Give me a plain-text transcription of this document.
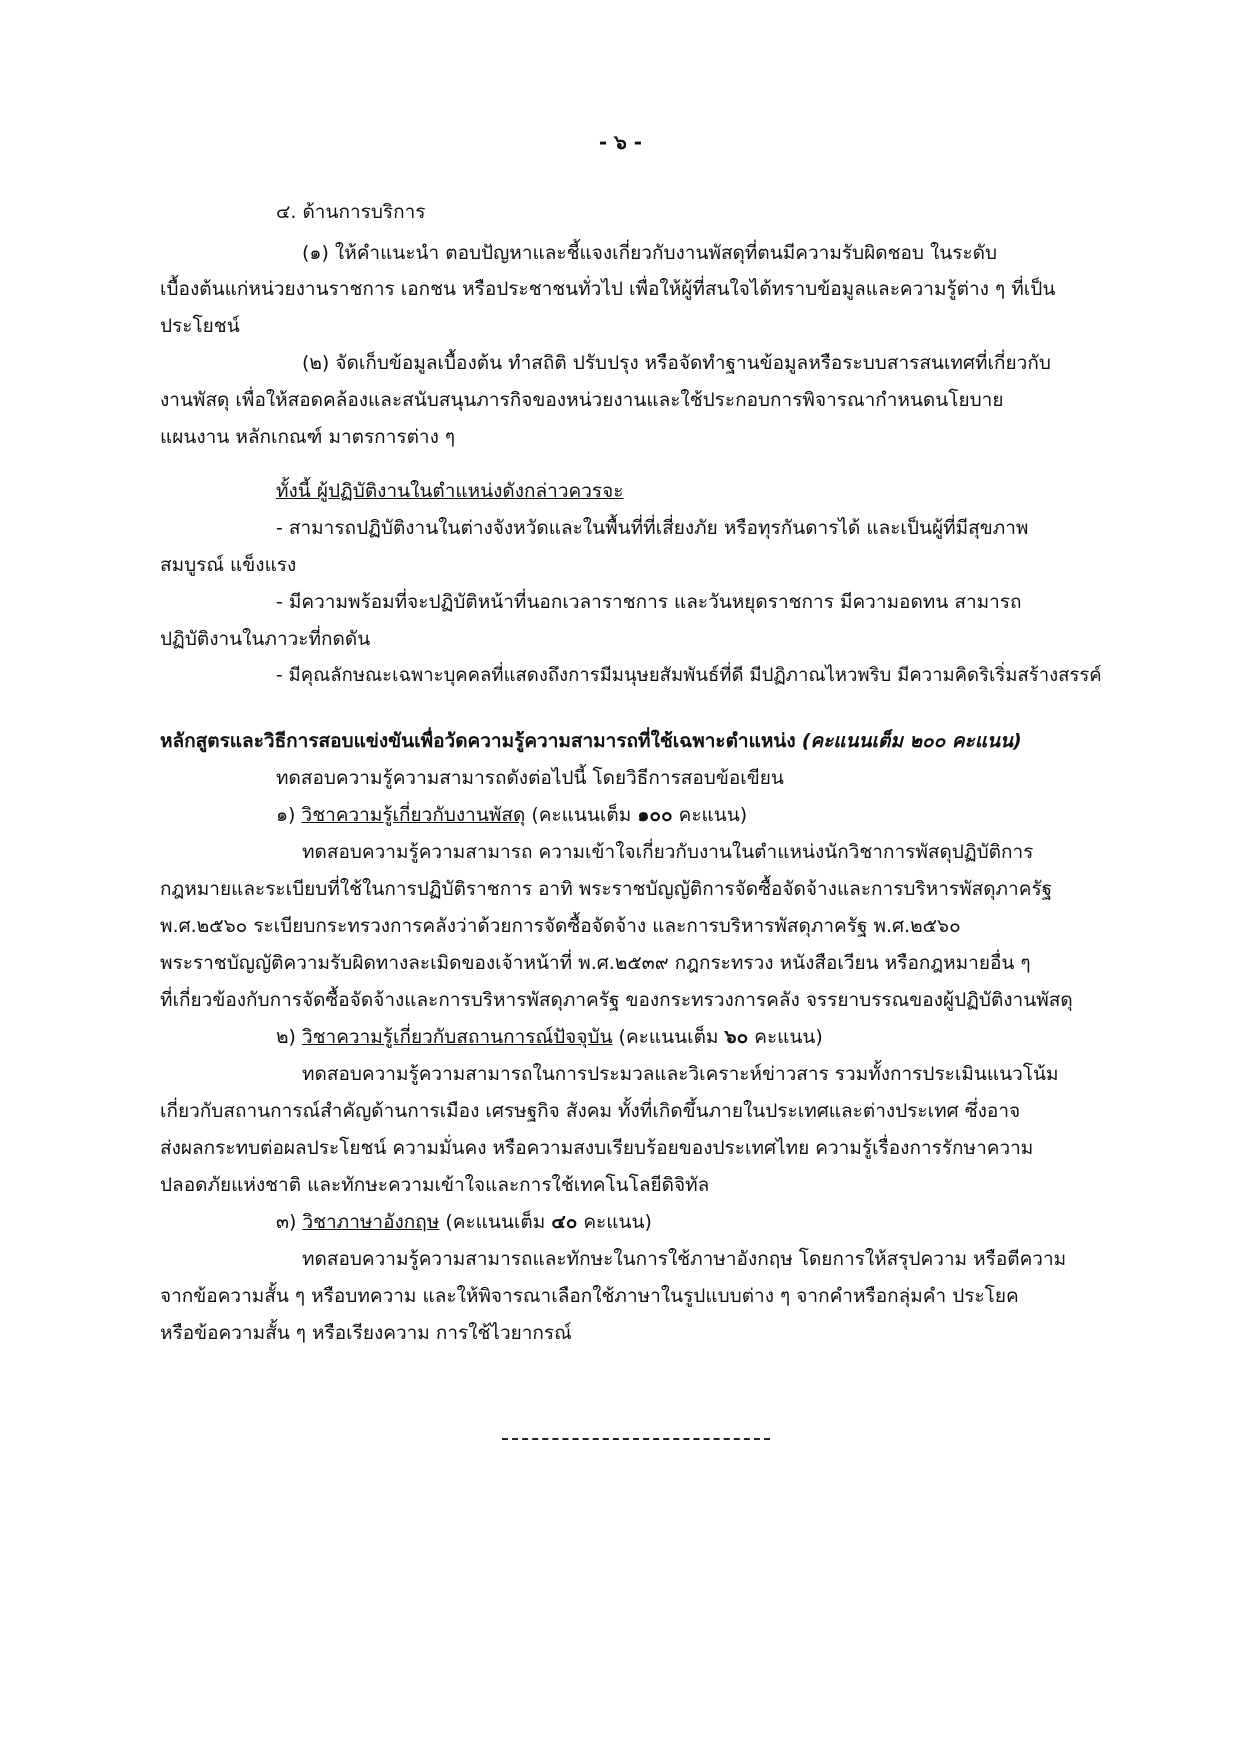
- ๖ -

๔. ด้านการบริการ

(๑) ให้คำแนะนำ ตอบปัญหาและชี้แจงเกี่ยวกับงานพัสดุที่ตนมีความรับผิดชอบ ในระดับ

เบื้องต้นแก่หน่วยงานราชการ เอกชน หรือประชาชนทั่วไป เพื่อให้ผู้ที่สนใจได้ทราบข้อมูลและความรู้ต่าง ๆ ที่เป็น

ประโยชน์

(๒) จัดเก็บข้อมูลเบื้องต้น ทำสถิติ ปรับปรุง หรือจัดทำฐานข้อมูลหรือระบบสารสนเทศที่เกี่ยวกับ

งานพัสดุ เพื่อให้สอดคล้องและสนับสนุนภารกิจของหน่วยงานและใช้ประกอบการพิจารณากำหนดนโยบาย

แผนงาน หลักเกณฑ์ มาตรการต่าง ๆ

ทั้งนี้ ผู้ปฏิบัติงานในตำแหน่งดังกล่าวควรจะ

- สามารถปฏิบัติงานในต่างจังหวัดและในพื้นที่ที่เสี่ยงภัย หรือทุรกันดารได้ และเป็นผู้ที่มีสุขภาพ

สมบูรณ์ แข็งแรง

- มีความพร้อมที่จะปฏิบัติหน้าที่นอกเวลาราชการ และวันหยุดราชการ มีความอดทน สามารถ

ปฏิบัติงานในภาวะที่กดดัน

- มีคุณลักษณะเฉพาะบุคคลที่แสดงถึงการมีมนุษยสัมพันธ์ที่ดี มีปฏิภาณไหวพริบ มีความคิดริเริ่มสร้างสรรค์

หลักสูตรและวิธีการสอบแข่งขันเพื่อวัดความรู้ความสามารถที่ใช้เฉพาะตำแหน่ง (คะแนนเต็ม ๒๐๐ คะแนน)

ทดสอบความรู้ความสามารถดังต่อไปนี้ โดยวิธีการสอบข้อเขียน

๑) วิชาความรู้เกี่ยวกับงานพัสดุ (คะแนนเต็ม ๑๐๐ คะแนน)

ทดสอบความรู้ความสามารถ ความเข้าใจเกี่ยวกับงานในตำแหน่งนักวิชาการพัสดุปฏิบัติการ

กฎหมายและระเบียบที่ใช้ในการปฏิบัติราชการ อาทิ พระราชบัญญัติการจัดซื้อจัดจ้างและการบริหารพัสดุภาครัฐ

พ.ศ.๒๕๖๐ ระเบียบกระทรวงการคลังว่าด้วยการจัดซื้อจัดจ้าง และการบริหารพัสดุภาครัฐ พ.ศ.๒๕๖๐

พระราชบัญญัติความรับผิดทางละเมิดของเจ้าหน้าที่ พ.ศ.๒๕๓๙ กฎกระทรวง หนังสือเวียน หรือกฎหมายอื่น ๆ

ที่เกี่ยวข้องกับการจัดซื้อจัดจ้างและการบริหารพัสดุภาครัฐ ของกระทรวงการคลัง จรรยาบรรณของผู้ปฏิบัติงานพัสดุ

๒) วิชาความรู้เกี่ยวกับสถานการณ์ปัจจุบัน (คะแนนเต็ม ๖๐ คะแนน)

ทดสอบความรู้ความสามารถในการประมวลและวิเคราะห์ข่าวสาร รวมทั้งการประเมินแนวโน้ม

เกี่ยวกับสถานการณ์สำคัญด้านการเมือง เศรษฐกิจ สังคม ทั้งที่เกิดขึ้นภายในประเทศและต่างประเทศ ซึ่งอาจ

ส่งผลกระทบต่อผลประโยชน์ ความมั่นคง หรือความสงบเรียบร้อยของประเทศไทย ความรู้เรื่องการรักษาความ

ปลอดภัยแห่งชาติ และทักษะความเข้าใจและการใช้เทคโนโลยีดิจิทัล

๓) วิชาภาษาอังกฤษ (คะแนนเต็ม ๔๐ คะแนน)

ทดสอบความรู้ความสามารถและทักษะในการใช้ภาษาอังกฤษ โดยการให้สรุปความ หรือตีความ

จากข้อความสั้น ๆ หรือบทความ และให้พิจารณาเลือกใช้ภาษาในรูปแบบต่าง ๆ จากคำหรือกลุ่มคำ ประโยค

หรือข้อความสั้น ๆ หรือเรียงความ การใช้ไวยากรณ์
